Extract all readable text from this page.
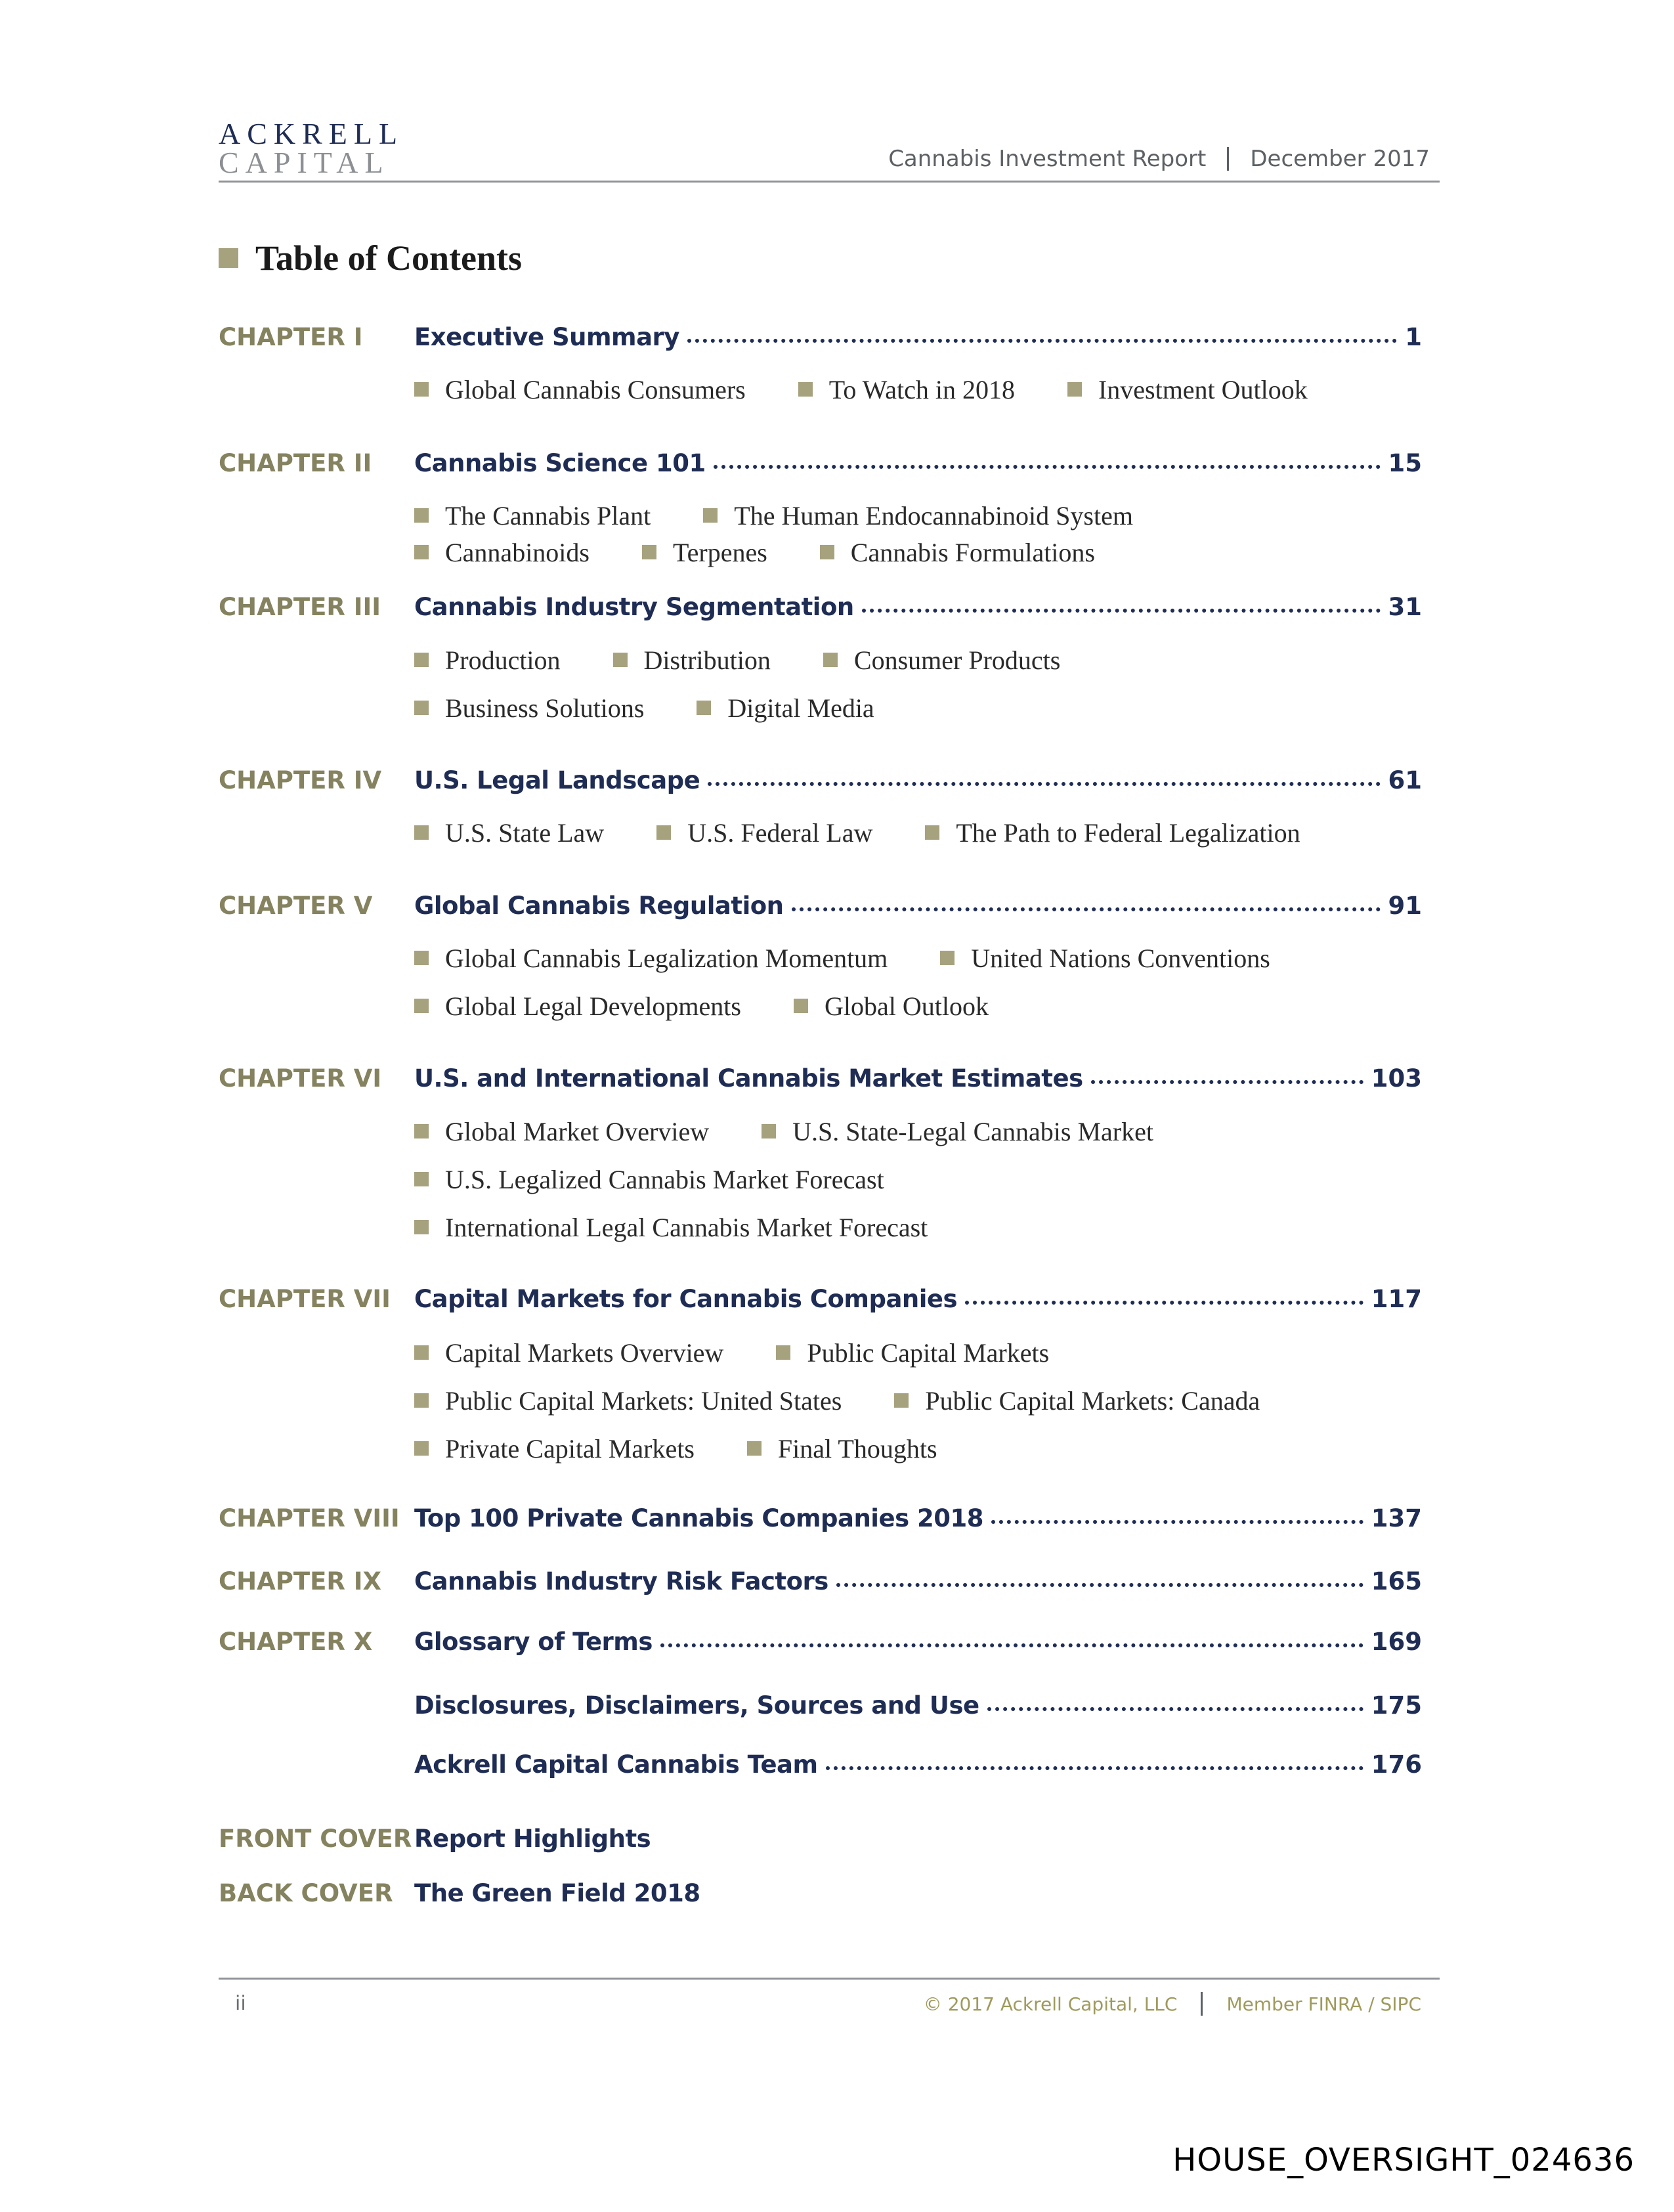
ACKRELL
CAPITAL	Cannabis Investment Report December 2017
Table of Contents
CHAPTER I Executive Summary	1
CHAPTER II Cannabis Science 101	15
CHAPTER III Cannabis Industry Segmentation	31
CHAPTER IV U.S. Legal Landscape	61
CHAPTER V Global Cannabis Regulation	91
CHAPTER VI U.S. and International Cannabis Market Estimates	103
CHAPTER VII Capital Markets for Cannabis Companies	117
CHAPTER VIII Top 100 Private Cannabis Companies 2018	137
CHAPTER IX Cannabis Industry Risk Factors	165
CHAPTER X Glossary of Terms	169
Disclosures, Disclaimers, Sources and Use	175
Ackrell Capital Cannabis Team	176
FRONT COVER Report Highlights
BACK COVER The Green Field 2018
ii	© 2017 Ackrell Capital, LLC	Member FINRA / SIPC
HOUSE_OVERSIGHT_024636
Global Cannabis Consumers	To Watch in 2018	Investment Outlook
The Cannabis Plant	The Human Endocannabinoid System
Cannabinoids	Terpenes	Cannabis Formulations
Production	Distribution	Consumer Products
Business Solutions	Digital Media
U.S. State Law	U.S. Federal Law	The Path to Federal Legalization
Global Cannabis Legalization Momentum	United Nations Conventions
Global Legal Developments	Global Outlook
Global Market Overview	U.S. State-Legal Cannabis Market
U.S. Legalized Cannabis Market Forecast
International Legal Cannabis Market Forecast
Capital Markets Overview	Public Capital Markets
Public Capital Markets: United States	Public Capital Markets: Canada
Private Capital Markets	Final Thoughts
